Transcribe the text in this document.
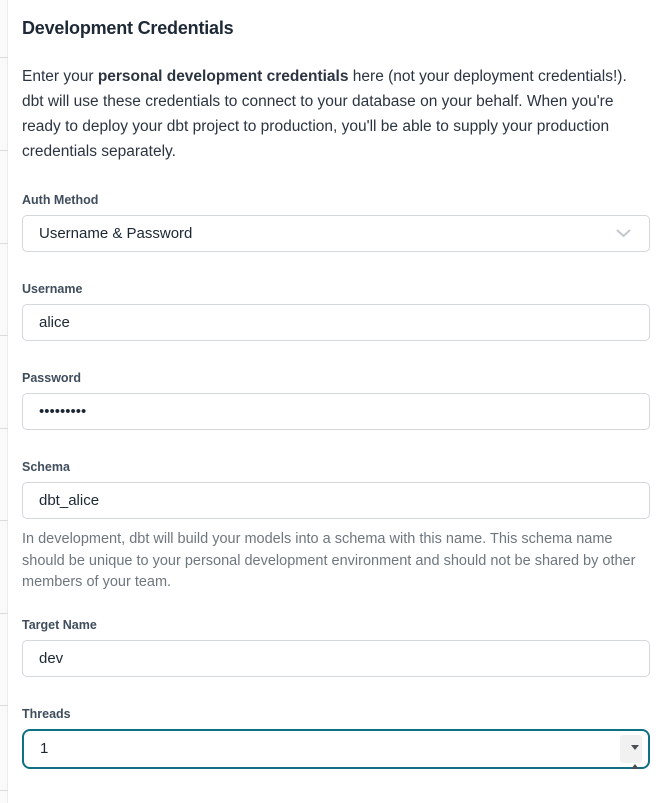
Development Credentials

Enter your personal development credentials here (not your deployment credentials!). dbt will use these credentials to connect to your database on your behalf. When you're ready to deploy your dbt project to production, you'll be able to supply your production credentials separately.

Auth Method
Username & Password
Username
alice
Password
•••••••••
Schema
dbt_alice

In development, dbt will build your models into a schema with this name. This schema name should be unique to your personal development environment and should not be shared by other members of your team.

Target Name
dev
Threads
1
